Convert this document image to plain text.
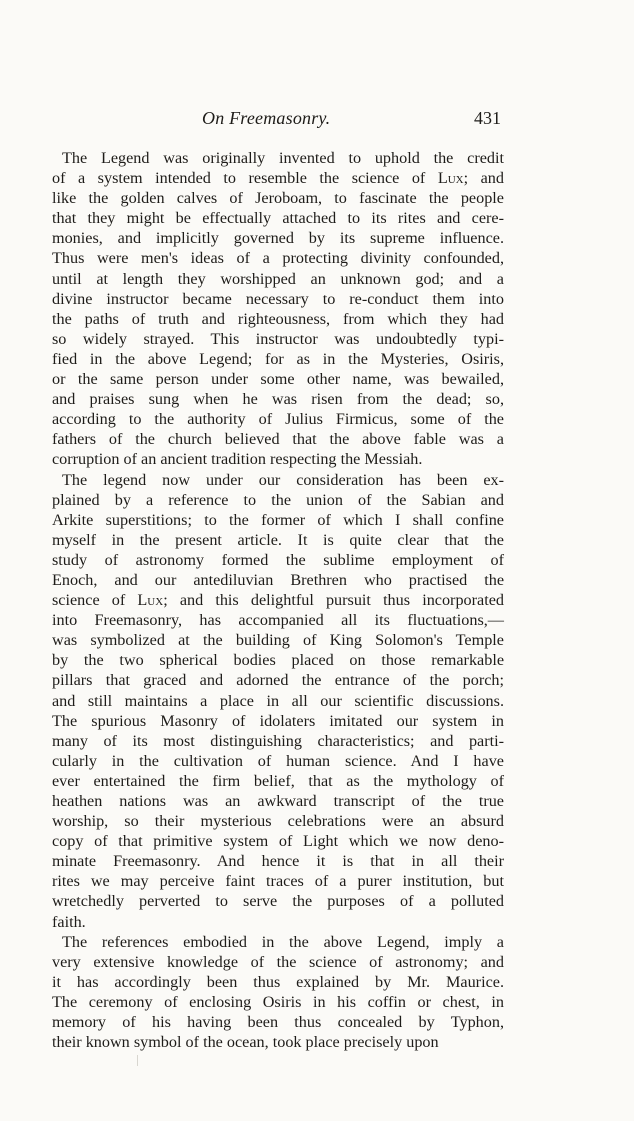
On Freemasonry.	431
The Legend was originally invented to uphold the credit
of a system intended to resemble the science of Lux; and
like the golden calves of Jeroboam, to fascinate the people
that they might be effectually attached to its rites and cere-
monies, and implicitly governed by its supreme influence.
Thus were men's ideas of a protecting divinity confounded,
until at length they worshipped an unknown god; and a
divine instructor became necessary to re-conduct them into
the paths of truth and righteousness, from which they had
so widely strayed. This instructor was undoubtedly typi-
fied in the above Legend; for as in the Mysteries, Osiris,
or the same person under some other name, was bewailed,
and praises sung when he was risen from the dead; so,
according to the authority of Julius Firmicus, some of the
fathers of the church believed that the above fable was a
corruption of an ancient tradition respecting the Messiah.
The legend now under our consideration has been ex-
plained by a reference to the union of the Sabian and
Arkite superstitions; to the former of which I shall confine
myself in the present article. It is quite clear that the
study of astronomy formed the sublime employment of
Enoch, and our antediluvian Brethren who practised the
science of Lux; and this delightful pursuit thus incorporated
into Freemasonry, has accompanied all its fluctuations,—
was symbolized at the building of King Solomon's Temple
by the two spherical bodies placed on those remarkable
pillars that graced and adorned the entrance of the porch;
and still maintains a place in all our scientific discussions.
The spurious Masonry of idolaters imitated our system in
many of its most distinguishing characteristics; and parti-
cularly in the cultivation of human science. And I have
ever entertained the firm belief, that as the mythology of
heathen nations was an awkward transcript of the true
worship, so their mysterious celebrations were an absurd
copy of that primitive system of Light which we now deno-
minate Freemasonry. And hence it is that in all their
rites we may perceive faint traces of a purer institution, but
wretchedly perverted to serve the purposes of a polluted
faith.
The references embodied in the above Legend, imply a
very extensive knowledge of the science of astronomy; and
it has accordingly been thus explained by Mr. Maurice.
The ceremony of enclosing Osiris in his coffin or chest, in
memory of his having been thus concealed by Typhon,
their known symbol of the ocean, took place precisely upon
